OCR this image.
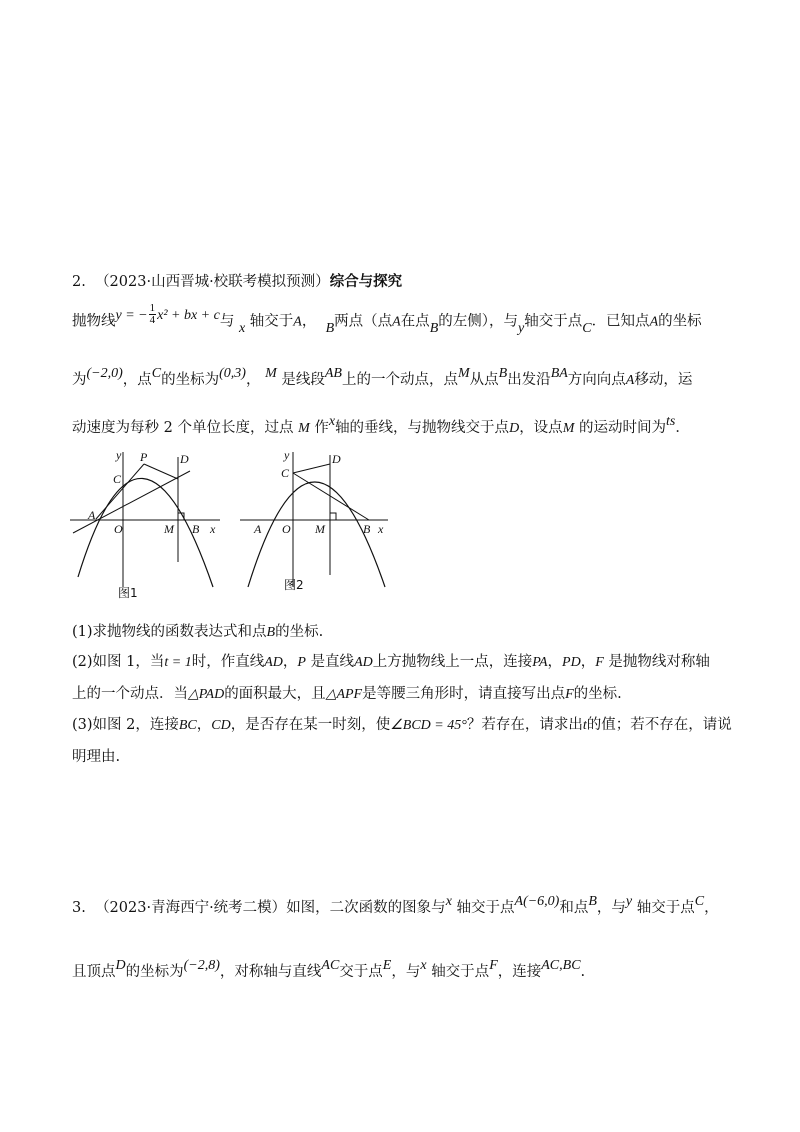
2. （2023·山西晋城·校联考模拟预测）综合与探究
抛物线y = − $\frac{1}{4} x^2$ + bx + c与 x 轴交于A，  B两点（点A在点B的左侧），与y轴交于点C．已知点A的坐标
为(−2,0)，点C的坐标为(0,3)， M 是线段AB上的一个动点，点M从点B出发沿BA方向向点A移动，运
动速度为每秒 2 个单位长度，过点 M 作x轴的垂线，与抛物线交于点D，设点M 的运动时间为ts．
y P	D
C
A
O	M B x
图1
y	D
C
A O M	B x
图2
(1)求抛物线的函数表达式和点B的坐标.
(2)如图 1，当t = 1时，作直线AD，P 是直线AD上方抛物线上一点，连接PA，PD，F 是抛物线对称轴
上的一个动点．当△PAD的面积最大，且△APF是等腰三角形时，请直接写出点F的坐标.
(3)如图 2，连接BC，CD，是否存在某一时刻，使∠BCD = 45°？若存在，请求出t的值；若不存在，请说
明理由.
3. （2023·青海西宁·统考二模）如图，二次函数的图象与x 轴交于点A(−6,0)和点B，与y 轴交于点C，
且顶点D的坐标为(−2,8)，对称轴与直线AC交于点E，与x 轴交于点F，连接AC,BC.
